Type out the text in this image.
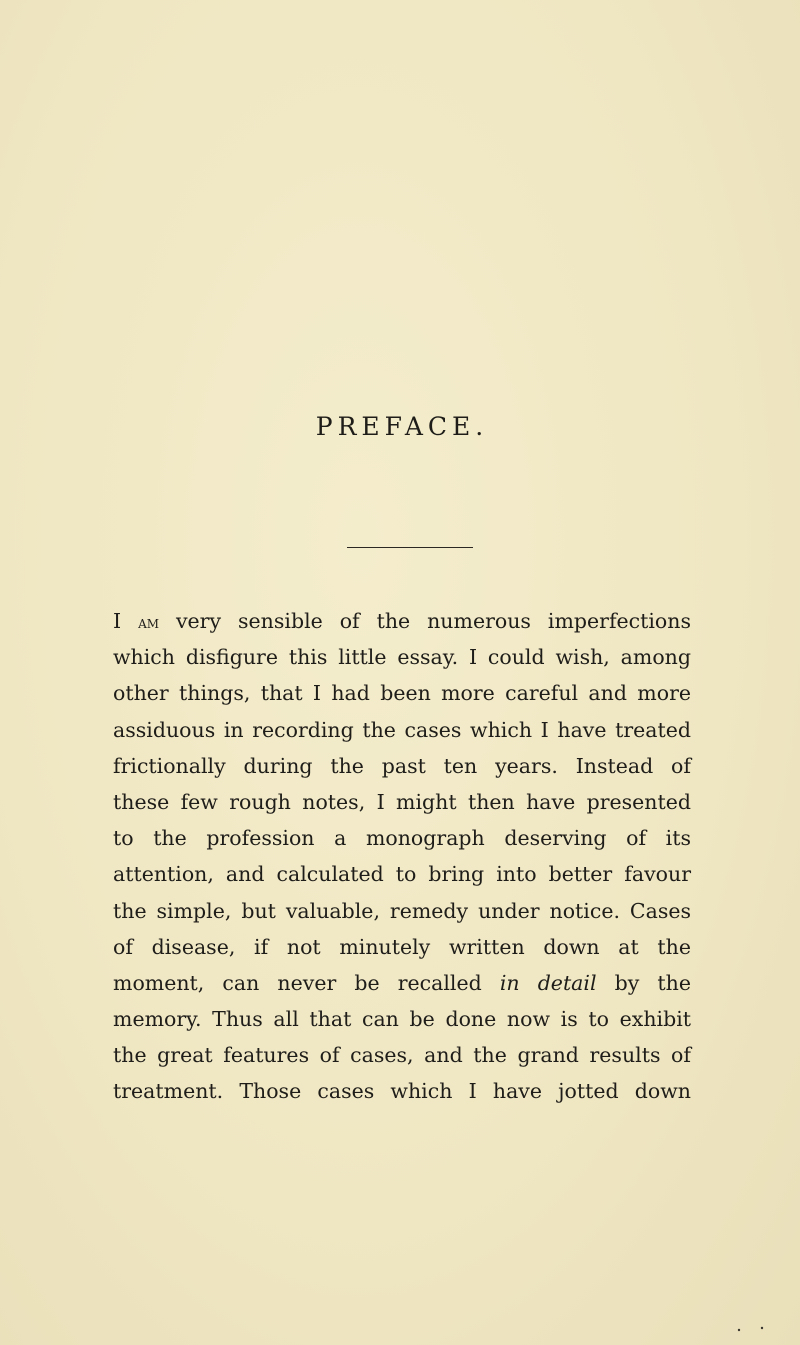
PREFACE.
I am very sensible of the numerous imperfections
which disfigure this little essay. I could wish, among
other things, that I had been more careful and more
assiduous in recording the cases which I have treated
frictionally during the past ten years. Instead of
these few rough notes, I might then have presented
to the profession a monograph deserving of its
attention, and calculated to bring into better favour
the simple, but valuable, remedy under notice. Cases
of disease, if not minutely written down at the
moment, can never be recalled in detail by the
memory. Thus all that can be done now is to exhibit
the great features of cases, and the grand results of
treatment. Those cases which I have jotted down
